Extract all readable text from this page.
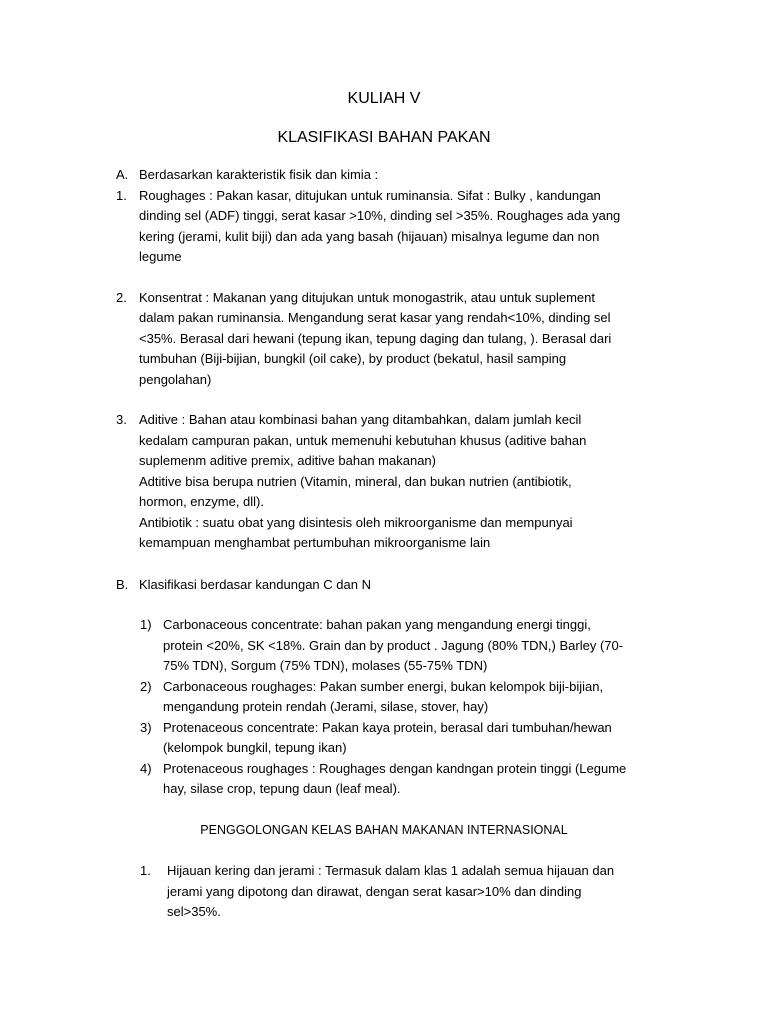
KULIAH V
KLASIFIKASI BAHAN PAKAN
A. Berdasarkan karakteristik fisik dan kimia :
1. Roughages : Pakan kasar, ditujukan untuk ruminansia. Sifat : Bulky , kandungan
dinding sel (ADF) tinggi, serat kasar >10%, dinding sel >35%. Roughages ada yang
kering (jerami, kulit biji) dan ada yang basah (hijauan) misalnya legume dan non
legume
2. Konsentrat : Makanan yang ditujukan untuk monogastrik, atau untuk suplement
dalam pakan ruminansia. Mengandung serat kasar yang rendah<10%, dinding sel
<35%. Berasal dari hewani (tepung ikan, tepung daging dan tulang, ). Berasal dari
tumbuhan (Biji-bijian, bungkil (oil cake), by product (bekatul, hasil samping
pengolahan)
3. Aditive : Bahan atau kombinasi bahan yang ditambahkan, dalam jumlah kecil
kedalam campuran pakan, untuk memenuhi kebutuhan khusus (aditive bahan
suplemenm aditive premix, aditive bahan makanan)
Adtitive bisa berupa nutrien (Vitamin, mineral, dan bukan nutrien (antibiotik,
hormon, enzyme, dll).
Antibiotik : suatu obat yang disintesis oleh mikroorganisme dan mempunyai
kemampuan menghambat pertumbuhan mikroorganisme lain
B. Klasifikasi berdasar kandungan C dan N
1) Carbonaceous concentrate: bahan pakan yang mengandung energi tinggi,
protein <20%, SK <18%. Grain dan by product . Jagung (80% TDN,) Barley (70-
75% TDN), Sorgum (75% TDN), molases (55-75% TDN)
2) Carbonaceous roughages: Pakan sumber energi, bukan kelompok biji-bijian,
mengandung protein rendah (Jerami, silase, stover, hay)
3) Protenaceous concentrate: Pakan kaya protein, berasal dari tumbuhan/hewan
(kelompok bungkil, tepung ikan)
4) Protenaceous roughages : Roughages dengan kandngan protein tinggi (Legume
hay, silase crop, tepung daun (leaf meal).
PENGGOLONGAN KELAS BAHAN MAKANAN INTERNASIONAL
1.	Hijauan kering dan jerami : Termasuk dalam klas 1 adalah semua hijauan dan
jerami yang dipotong dan dirawat, dengan serat kasar>10% dan dinding
sel>35%.
